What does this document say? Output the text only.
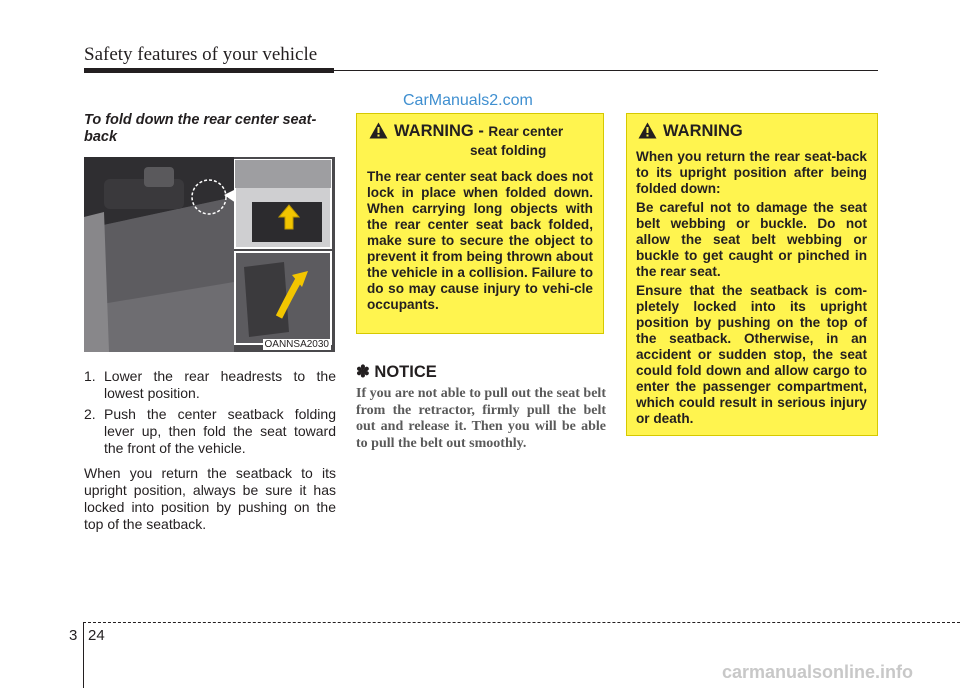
Safety features of your vehicle
CarManuals2.com
To fold down the rear center seat-back
OANNSA2030
1. Lower the rear headrests to the lowest position.
2. Push the center seatback folding lever up, then fold the seat toward the front of the vehicle.
When you return the seatback to its upright position, always be sure it has locked into position by pushing on the top of the seatback.
WARNING - Rear center
seat folding
The rear center seat back does not lock in place when folded down. When carrying long objects with the rear center seat back folded, make sure to secure the object to prevent it from being thrown about the vehicle in a collision. Failure to do so may cause injury to vehi-cle occupants.
✽ NOTICE
If you are not able to pull out the seat belt from the retractor, firmly pull the belt out and release it. Then you will be able to pull the belt out smoothly.
WARNING

When you return the rear seat-back to its upright position after being folded down:

Be careful not to damage the seat belt webbing or buckle. Do not allow the seat belt webbing or buckle to get caught or pinched in the rear seat.

Ensure that the seatback is com-pletely locked into its upright position by pushing on the top of the seatback. Otherwise, in an accident or sudden stop, the seat could fold down and allow cargo to enter the passenger compartment, which could result in serious injury or death.

3 24
carmanualsonline.info
